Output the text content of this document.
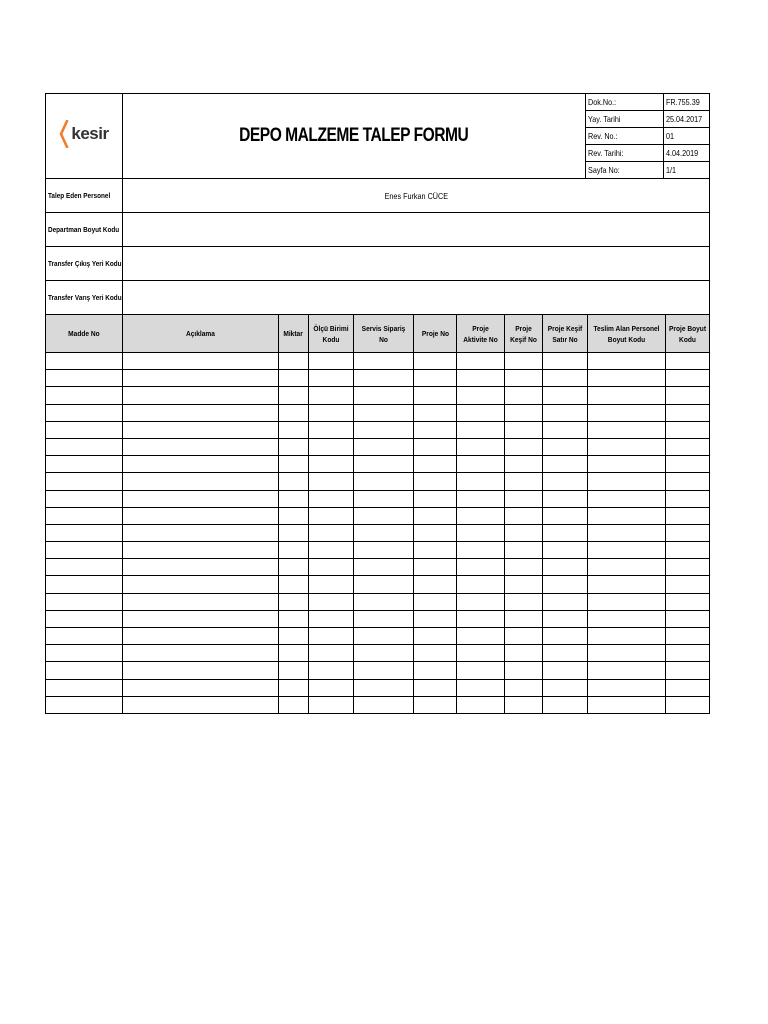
kesir	DEPO MALZEME TALEP FORMU	Dok.No.:	FR.755.39
		Yay. Tarihi	25.04.2017
		Rev. No.:	01
		Rev. Tarihi:	4.04.2019
		Sayfa No:	1/1
Talep Eden Personel	Enes Furkan CÜCE
Departman Boyut Kodu	
Transfer Çıkış Yeri Kodu	
Transfer Varış Yeri Kodu	
Madde No	Açıklama	Miktar	Ölçü Birimi Kodu	Servis Sipariş No	Proje No	Proje Aktivite No	Proje Keşif No	Proje Keşif Satır No	Teslim Alan Personel Boyut Kodu	Proje Boyut Kodu
